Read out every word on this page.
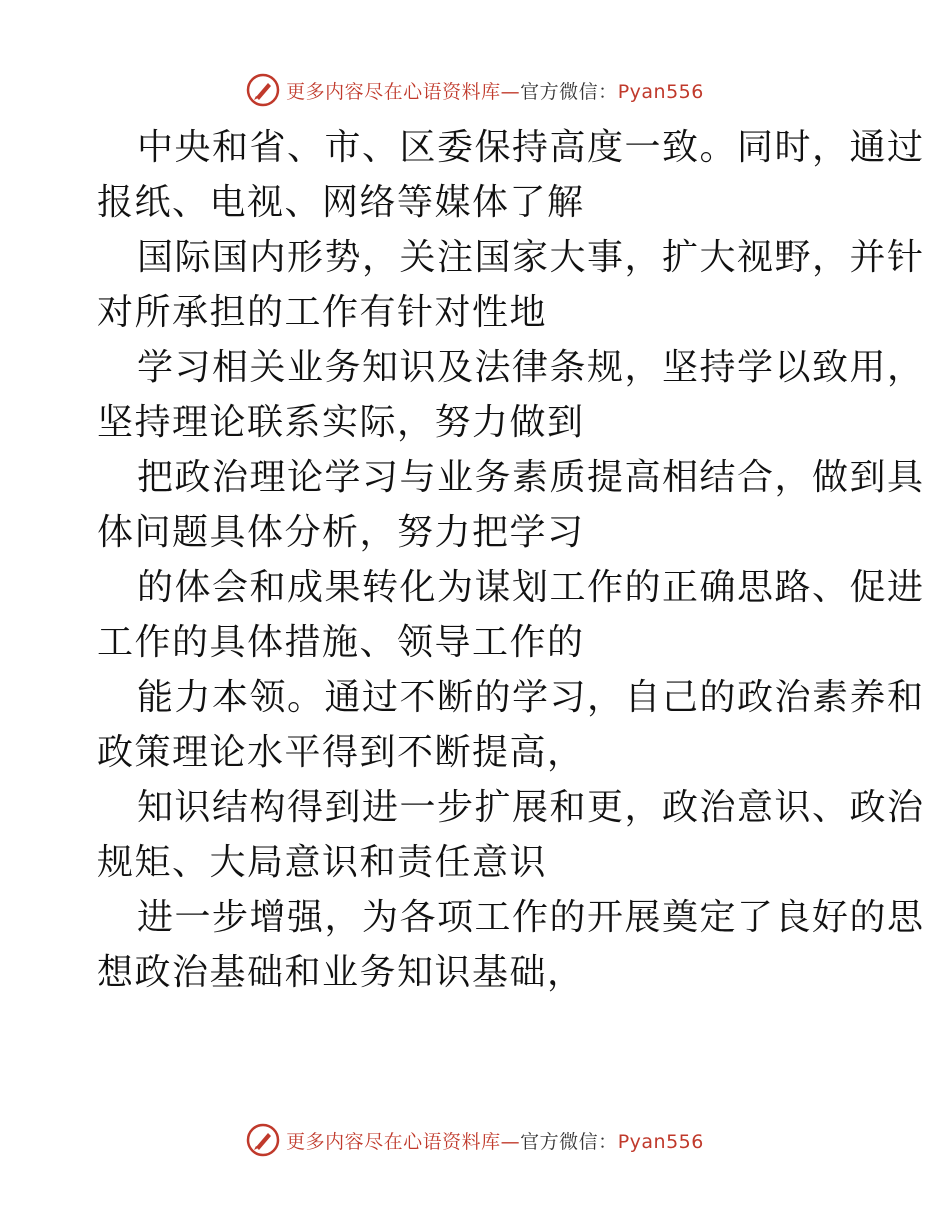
更多内容尽在心语资料库—官方微信：Pyan556
中央和省、市、区委保持高度一致。同时，通过
报纸、电视、网络等媒体了解
国际国内形势，关注国家大事，扩大视野，并针
对所承担的工作有针对性地
学习相关业务知识及法律条规，坚持学以致用，
坚持理论联系实际，努力做到
把政治理论学习与业务素质提高相结合，做到具
体问题具体分析，努力把学习
的体会和成果转化为谋划工作的正确思路、促进
工作的具体措施、领导工作的
能力本领。通过不断的学习，自己的政治素养和
政策理论水平得到不断提高，
知识结构得到进一步扩展和更，政治意识、政治
规矩、大局意识和责任意识
进一步增强，为各项工作的开展奠定了良好的思
想政治基础和业务知识基础，
更多内容尽在心语资料库—官方微信：Pyan556
